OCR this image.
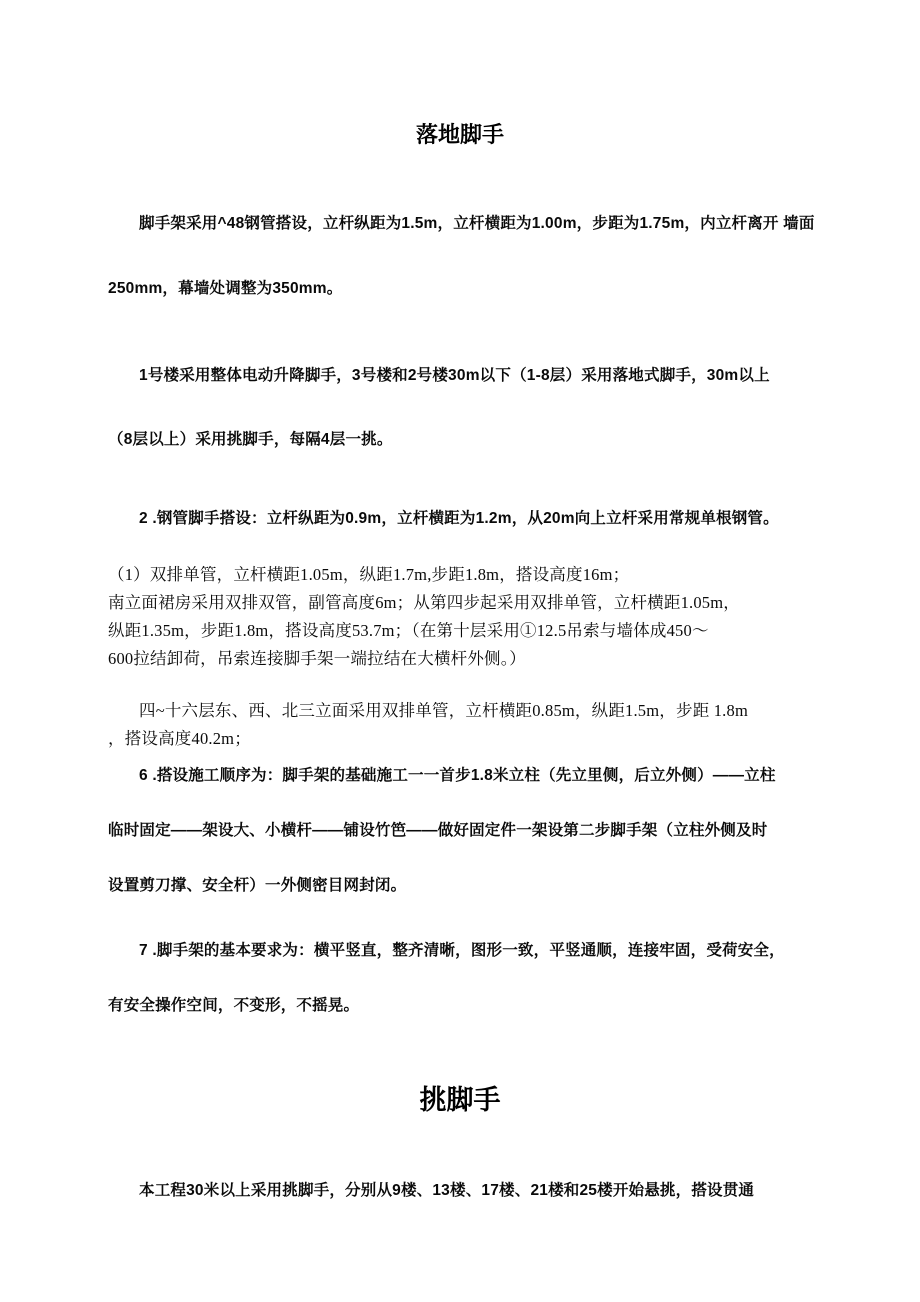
落地脚手
脚手架采用^48钢管搭设，立杆纵距为1.5m，立杆横距为1.00m，步距为1.75m，内立杆离开 墙面
250mm，幕墙处调整为350mm。
1号楼采用整体电动升降脚手，3号楼和2号楼30m以下（1-8层）采用落地式脚手，30m以上
（8层以上）采用挑脚手，每隔4层一挑。
2 .钢管脚手搭设：立杆纵距为0.9m，立杆横距为1.2m，从20m向上立杆采用常规单根钢管。
（1）双排单管，立杆横距1.05m，纵距1.7m,步距1.8m，搭设高度16m；
南立面裙房采用双排双管，副管高度6m；从第四步起采用双排单管，立杆横距1.05m，
纵距1.35m，步距1.8m，搭设高度53.7m；（在第十层采用①12.5吊索与墙体成450〜
600拉结卸荷，吊索连接脚手架一端拉结在大横杆外侧。）
四~十六层东、西、北三立面采用双排单管，立杆横距0.85m，纵距1.5m，步距 1.8m
，搭设高度40.2m；
6 .搭设施工顺序为：脚手架的基础施工一一首步1.8米立柱（先立里侧，后立外侧）——立柱
临时固定——架设大、小横杆——铺设竹笆——做好固定件一架设第二步脚手架（立柱外侧及时
设置剪刀撑、安全杆）一外侧密目网封闭。
7 .脚手架的基本要求为：横平竖直，整齐清晰，图形一致，平竖通顺，连接牢固，受荷安全，
有安全操作空间，不变形，不摇晃。
挑脚手
本工程30米以上采用挑脚手，分别从9楼、13楼、17楼、21楼和25楼开始悬挑，搭设贯通
